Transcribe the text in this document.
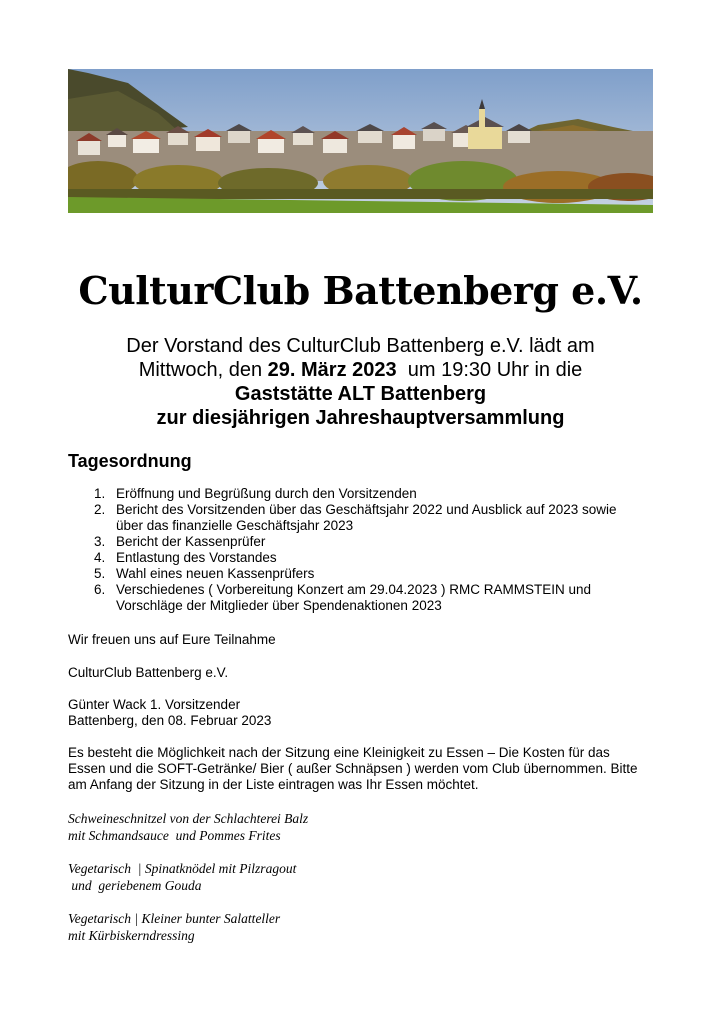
CulturClub Battenberg e.V.
Der Vorstand des CulturClub Battenberg e.V. lädt am
Mittwoch, den 29. März 2023  um 19:30 Uhr in die
Gaststätte ALT Battenberg
zur diesjährigen Jahreshauptversammlung
Tagesordnung
1. Eröffnung und Begrüßung durch den Vorsitzenden
2. Bericht des Vorsitzenden über das Geschäftsjahr 2022 und Ausblick auf 2023 sowie über das finanzielle Geschäftsjahr 2023
3. Bericht der Kassenprüfer
4. Entlastung des Vorstandes
5. Wahl eines neuen Kassenprüfers
6. Verschiedenes ( Vorbereitung Konzert am 29.04.2023 ) RMC RAMMSTEIN und Vorschläge der Mitglieder über Spendenaktionen 2023
Wir freuen uns auf Eure Teilnahme
CulturClub Battenberg e.V.
Günter Wack 1. Vorsitzender
Battenberg, den 08. Februar 2023
Es besteht die Möglichkeit nach der Sitzung eine Kleinigkeit zu Essen – Die Kosten für das Essen und die SOFT-Getränke/ Bier ( außer Schnäpsen ) werden vom Club übernommen. Bitte am Anfang der Sitzung in der Liste eintragen was Ihr Essen möchtet.
Schweineschnitzel von der Schlachterei Balz
mit Schmandsauce  und Pommes Frites
Vegetarisch  | Spinatknödel mit Pilzragout
und  geriebenem Gouda
Vegetarisch | Kleiner bunter Salatteller
mit Kürbiskerndressing
